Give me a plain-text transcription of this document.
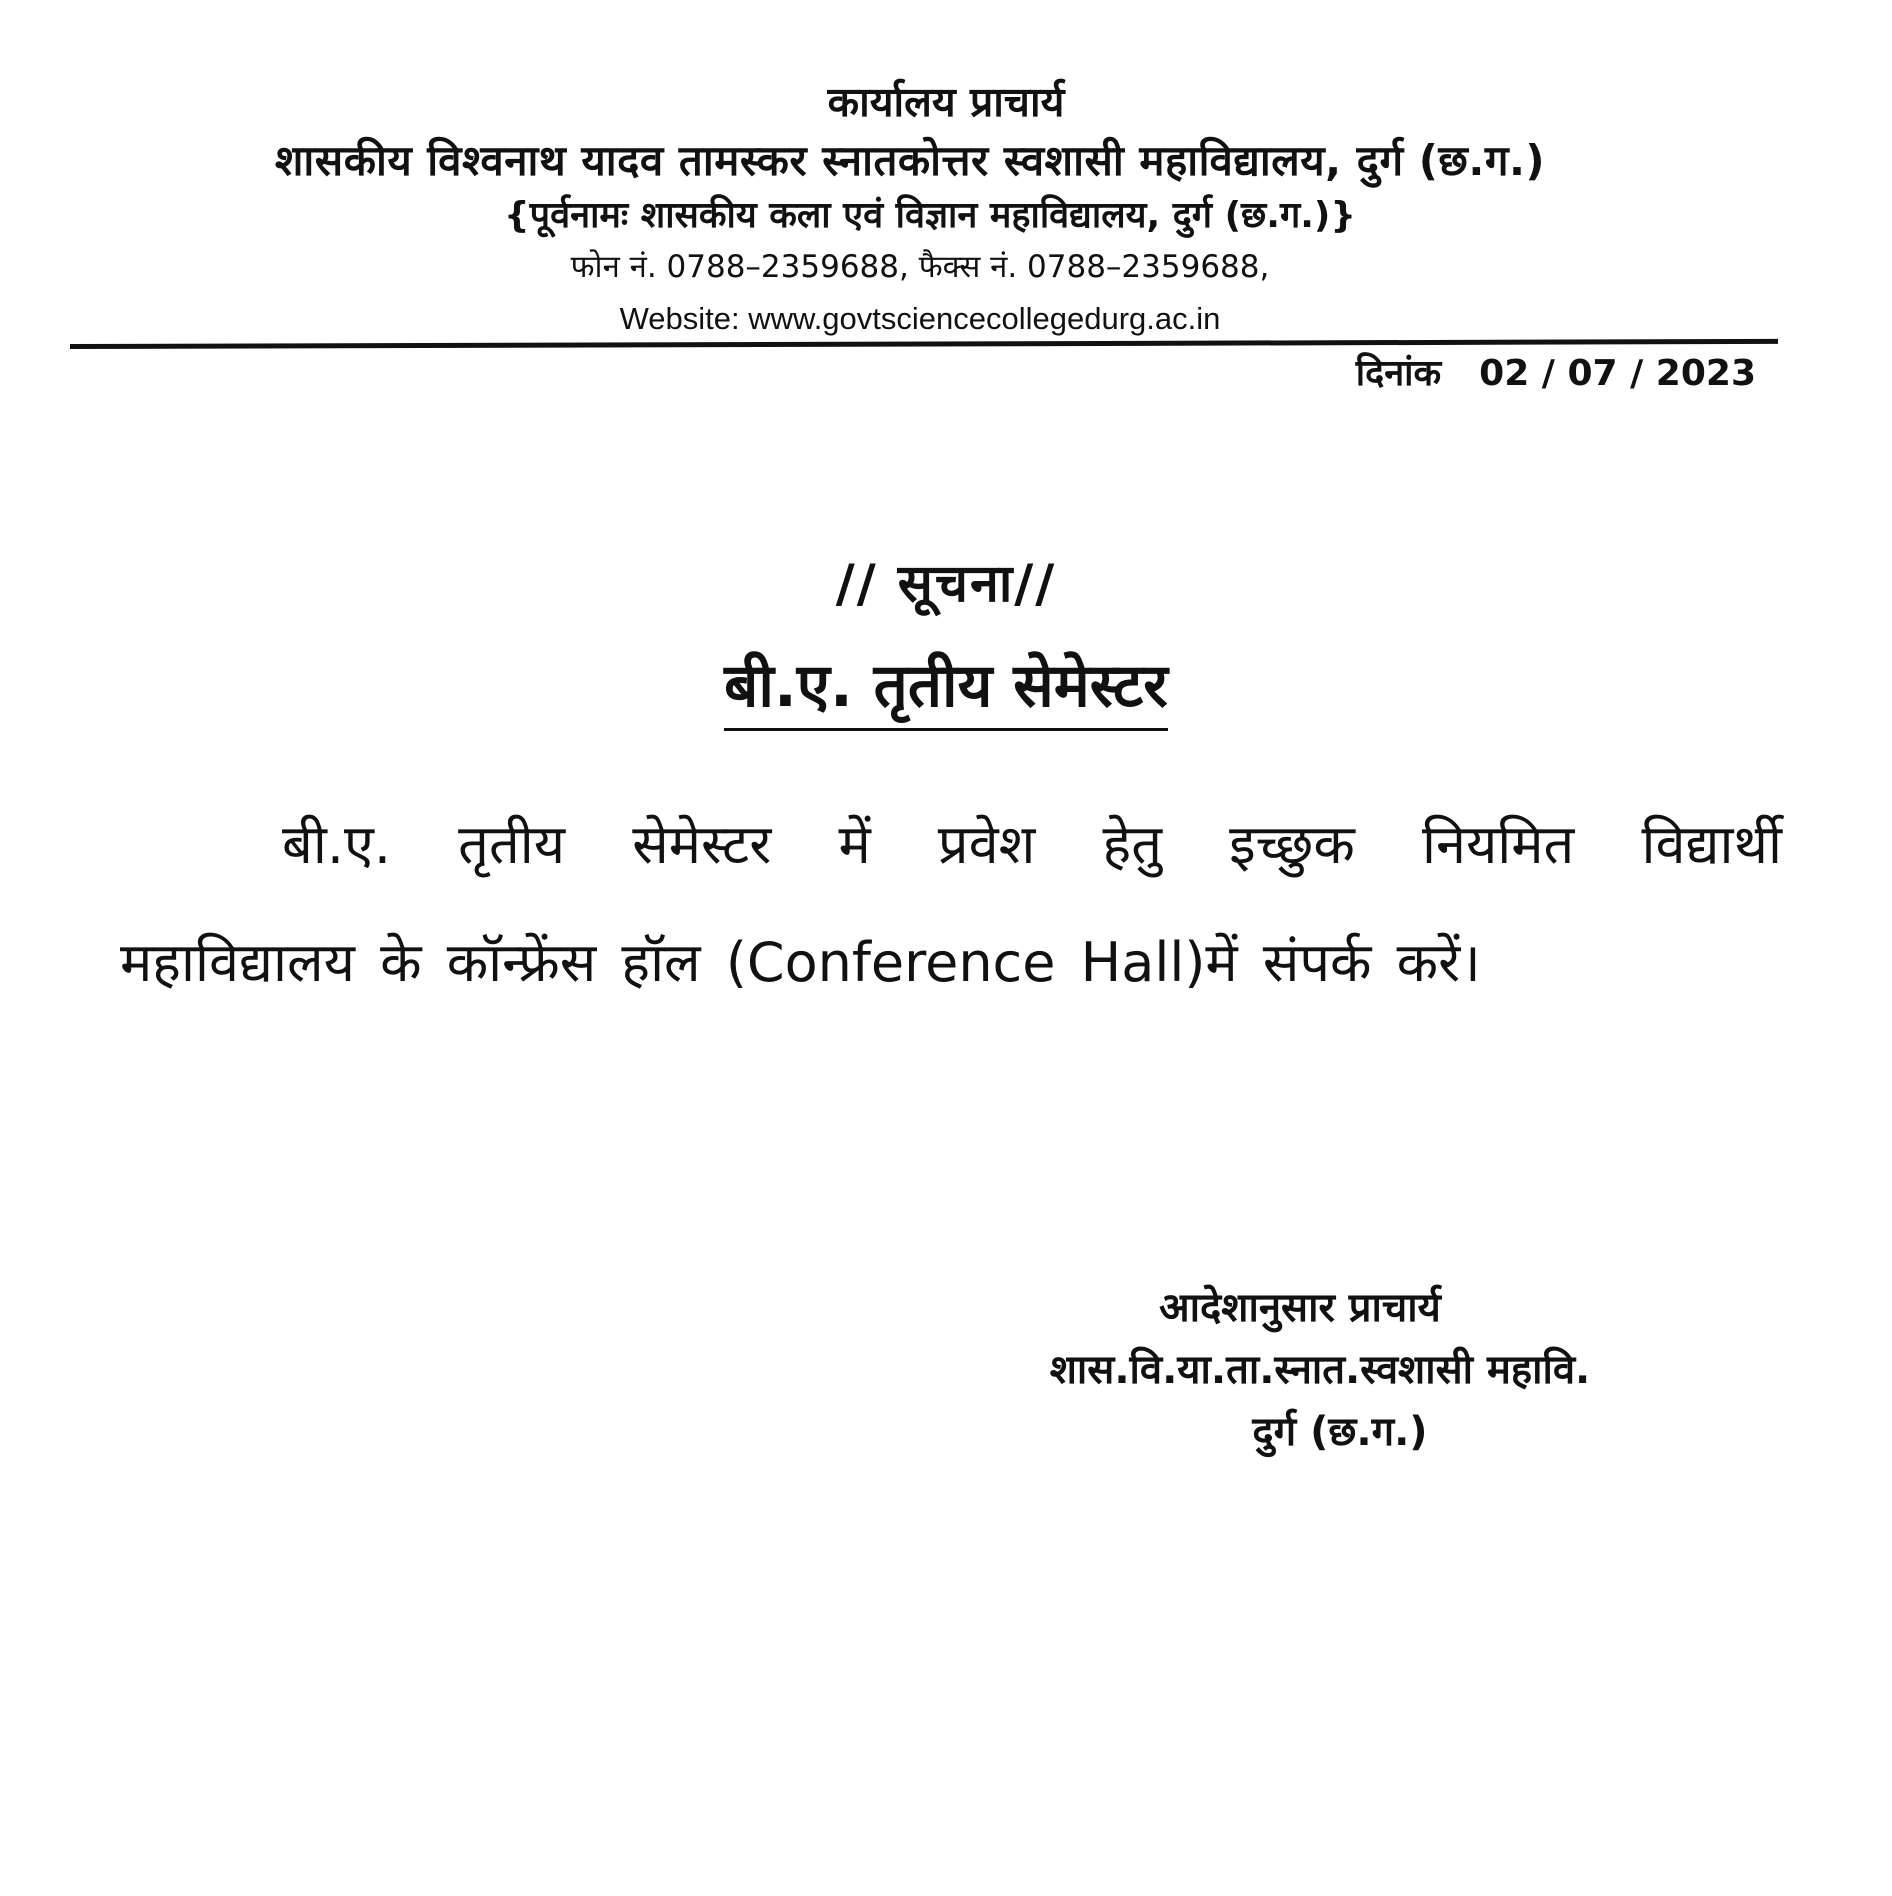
कार्यालय प्राचार्य
शासकीय विश्वनाथ यादव तामस्कर स्नातकोत्तर स्वशासी महाविद्यालय, दुर्ग (छ.ग.)
{पूर्वनामः शासकीय कला एवं विज्ञान महाविद्यालय, दुर्ग (छ.ग.)}
फोन नं. 0788–2359688, फैक्स नं. 0788–2359688,
Website: www.govtsciencecollegedurg.ac.in
दिनांक 02 / 07 / 2023
// सूचना//
बी.ए. तृतीय सेमेस्टर
बी.ए. तृतीय सेमेस्टर में प्रवेश हेतु इच्छुक नियमित विद्यार्थी
महाविद्यालय के कॉन्फ्रेंस हॉल (Conference Hall)में संपर्क करें।
आदेशानुसार प्राचार्य
शास.वि.या.ता.स्नात.स्वशासी महावि.
दुर्ग (छ.ग.)
